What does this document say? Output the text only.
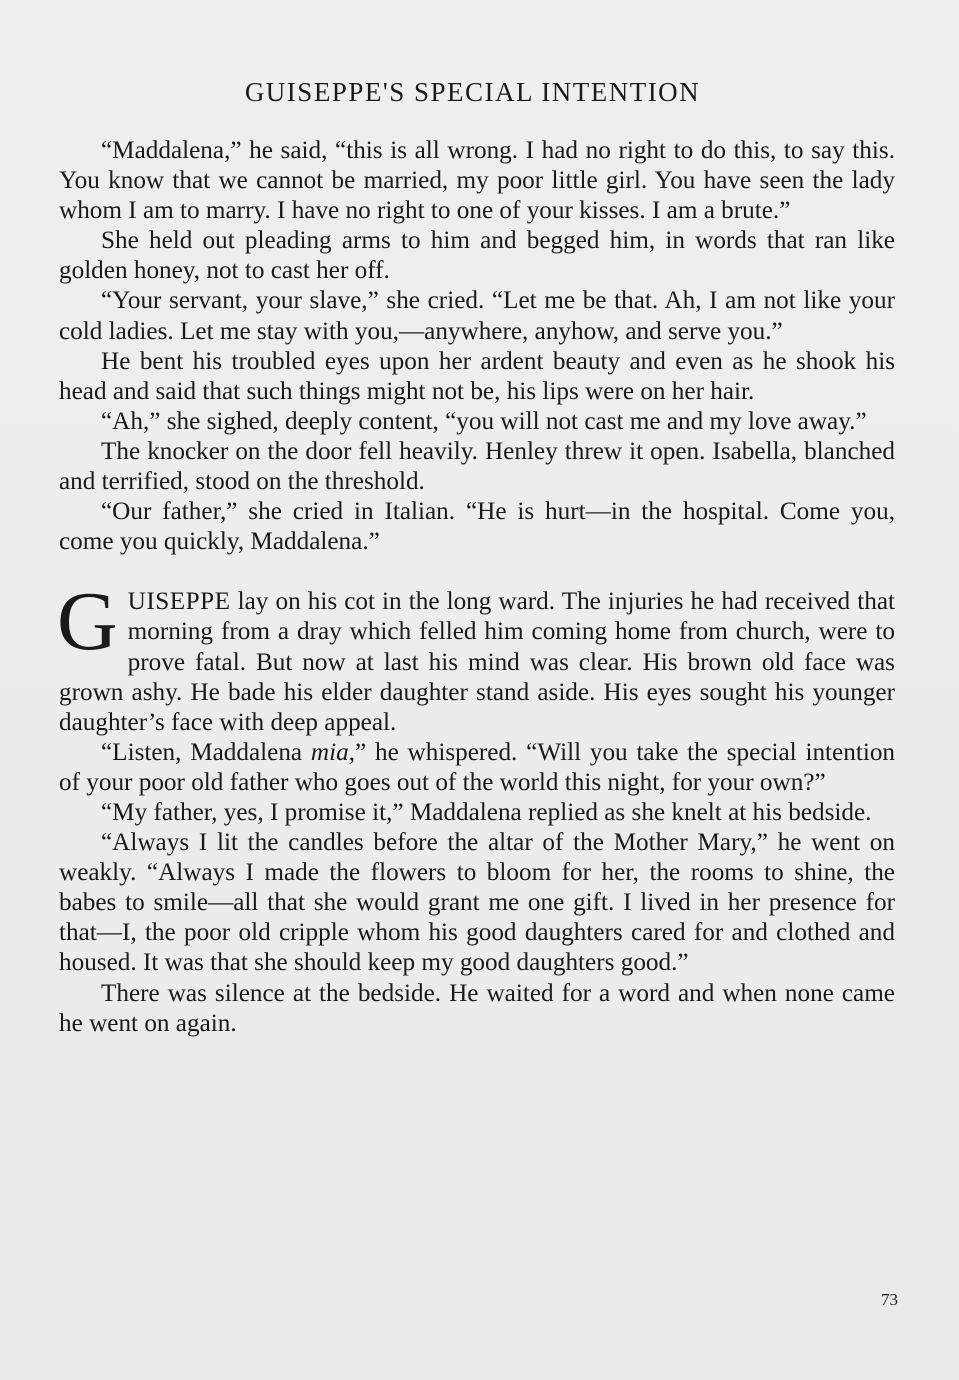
GUISEPPE'S SPECIAL INTENTION

“Maddalena,” he said, “this is all wrong. I had no right to do this, to say this. You know that we cannot be married, my poor little girl. You have seen the lady whom I am to marry. I have no right to one of your kisses. I am a brute.”

She held out pleading arms to him and begged him, in words that ran like golden honey, not to cast her off.

“Your servant, your slave,” she cried. “Let me be that. Ah, I am not like your cold ladies. Let me stay with you,—anywhere, anyhow, and serve you.”

He bent his troubled eyes upon her ardent beauty and even as he shook his head and said that such things might not be, his lips were on her hair.

“Ah,” she sighed, deeply content, “you will not cast me and my love away.”

The knocker on the door fell heavily. Henley threw it open. Isabella, blanched and terrified, stood on the threshold.

“Our father,” she cried in Italian. “He is hurt—in the hospital. Come you, come you quickly, Maddalena.”

GUISEPPE lay on his cot in the long ward. The injuries he had received that morning from a dray which felled him coming home from church, were to prove fatal. But now at last his mind was clear. His brown old face was grown ashy. He bade his elder daughter stand aside. His eyes sought his younger daughter’s face with deep appeal.

“Listen, Maddalena mia,” he whispered. “Will you take the special intention of your poor old father who goes out of the world this night, for your own?”

“My father, yes, I promise it,” Maddalena replied as she knelt at his bedside.

“Always I lit the candles before the altar of the Mother Mary,” he went on weakly. “Always I made the flowers to bloom for her, the rooms to shine, the babes to smile—all that she would grant me one gift. I lived in her presence for that—I, the poor old cripple whom his good daughters cared for and clothed and housed. It was that she should keep my good daughters good.”

There was silence at the bedside. He waited for a word and when none came he went on again.

73
